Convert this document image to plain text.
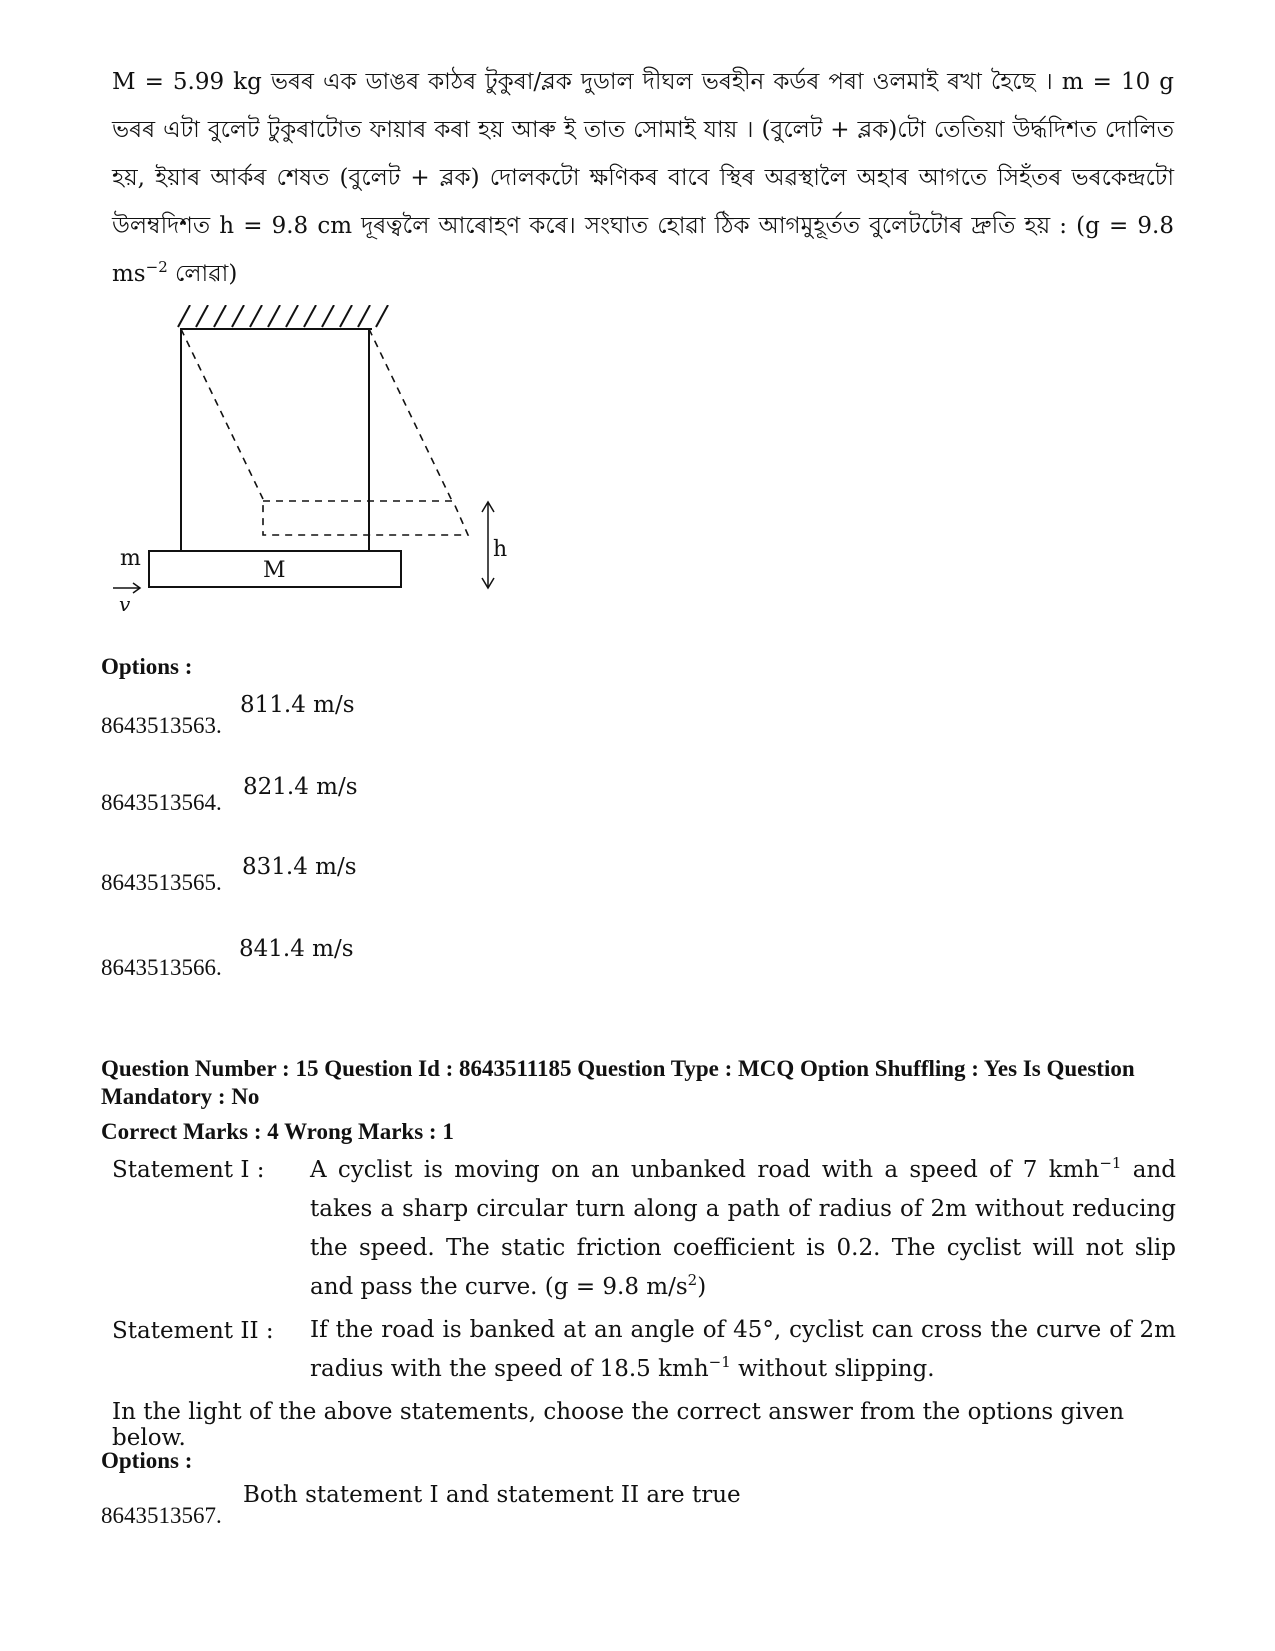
M = 5.99 kg ভৰৰ এক ডাঙৰ কাঠৰ টুকুৰা/ব্লক দুডাল দীঘল ভৰহীন কৰ্ডৰ পৰা ওলমাই ৰখা হৈছে । m = 10 g ভৰৰ এটা বুলেট টুকুৰাটোত ফায়াৰ কৰা হয় আৰু ই তাত সোমাই যায় । (বুলেট + ব্লক)টো তেতিয়া উৰ্দ্ধদিশত দোলিত হয়, ইয়াৰ আৰ্কৰ শেষত (বুলেট + ব্লক) দোলকটো ক্ষণিকৰ বাবে স্থিৰ অৱস্থালৈ অহাৰ আগতে সিহঁতৰ ভৰকেন্দ্ৰটো উলম্বদিশত h = 9.8 cm দূৰত্বলৈ আৰোহণ কৰে। সংঘাত হোৱা ঠিক আগমুহূৰ্তত বুলেটটোৰ দ্ৰুতি হয় : (g = 9.8 $ms^{-2}$ লোৱা)
M
m
v
h
Options :
8643513563.
811.4 m/s
8643513564.
821.4 m/s
8643513565.
831.4 m/s
8643513566.
841.4 m/s
Question Number : 15 Question Id : 8643511185 Question Type : MCQ Option Shuffling : Yes Is Question Mandatory : No
Correct Marks : 4 Wrong Marks : 1
Statement I : A cyclist is moving on an unbanked road with a speed of 7 kmh$^{-1}$ and takes a sharp circular turn along a path of radius of 2m without reducing the speed. The static friction coefficient is 0.2. The cyclist will not slip and pass the curve. (g = 9.8 $m/s^2$)
Statement II : If the road is banked at an angle of 45°, cyclist can cross the curve of 2m radius with the speed of 18.5 kmh$^{-1}$ without slipping.
In the light of the above statements, choose the correct answer from the options given below.
Options :
8643513567.
Both statement I and statement II are true
